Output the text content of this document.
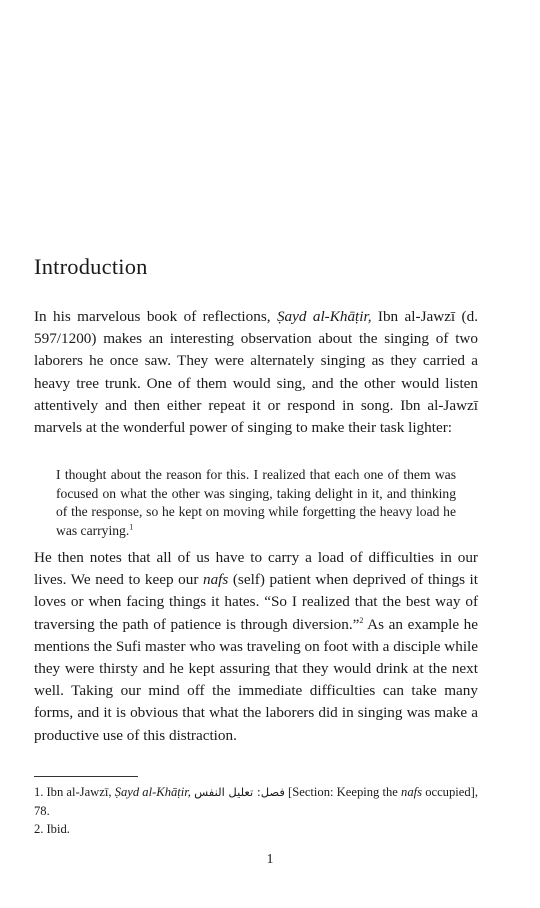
Introduction

In his marvelous book of reflections, Ṣayd al-Khāṭir, Ibn al-Jawzī (d. 597/1200) makes an interesting observation about the singing of two laborers he once saw. They were alternately singing as they carried a heavy tree trunk. One of them would sing, and the other would listen attentively and then either repeat it or respond in song. Ibn al-Jawzī marvels at the wonderful power of singing to make their task lighter:

I thought about the reason for this. I realized that each one of them was focused on what the other was singing, taking delight in it, and thinking of the response, so he kept on moving while forgetting the heavy load he was carrying.$^1$

He then notes that all of us have to carry a load of difficulties in our lives. We need to keep our nafs (self) patient when deprived of things it loves or when facing things it hates. “So I realized that the best way of traversing the path of patience is through diversion.”$^2$ As an example he mentions the Sufi master who was traveling on foot with a disciple while they were thirsty and he kept assuring that they would drink at the next well. Taking our mind off the immediate difficulties can take many forms, and it is obvious that what the laborers did in singing was make a productive use of this distraction.

1. Ibn al-Jawzī, Ṣayd al-Khāṭir, فصل: تعليل النفس [Section: Keeping the nafs occupied], 78.

2. Ibid.

1
